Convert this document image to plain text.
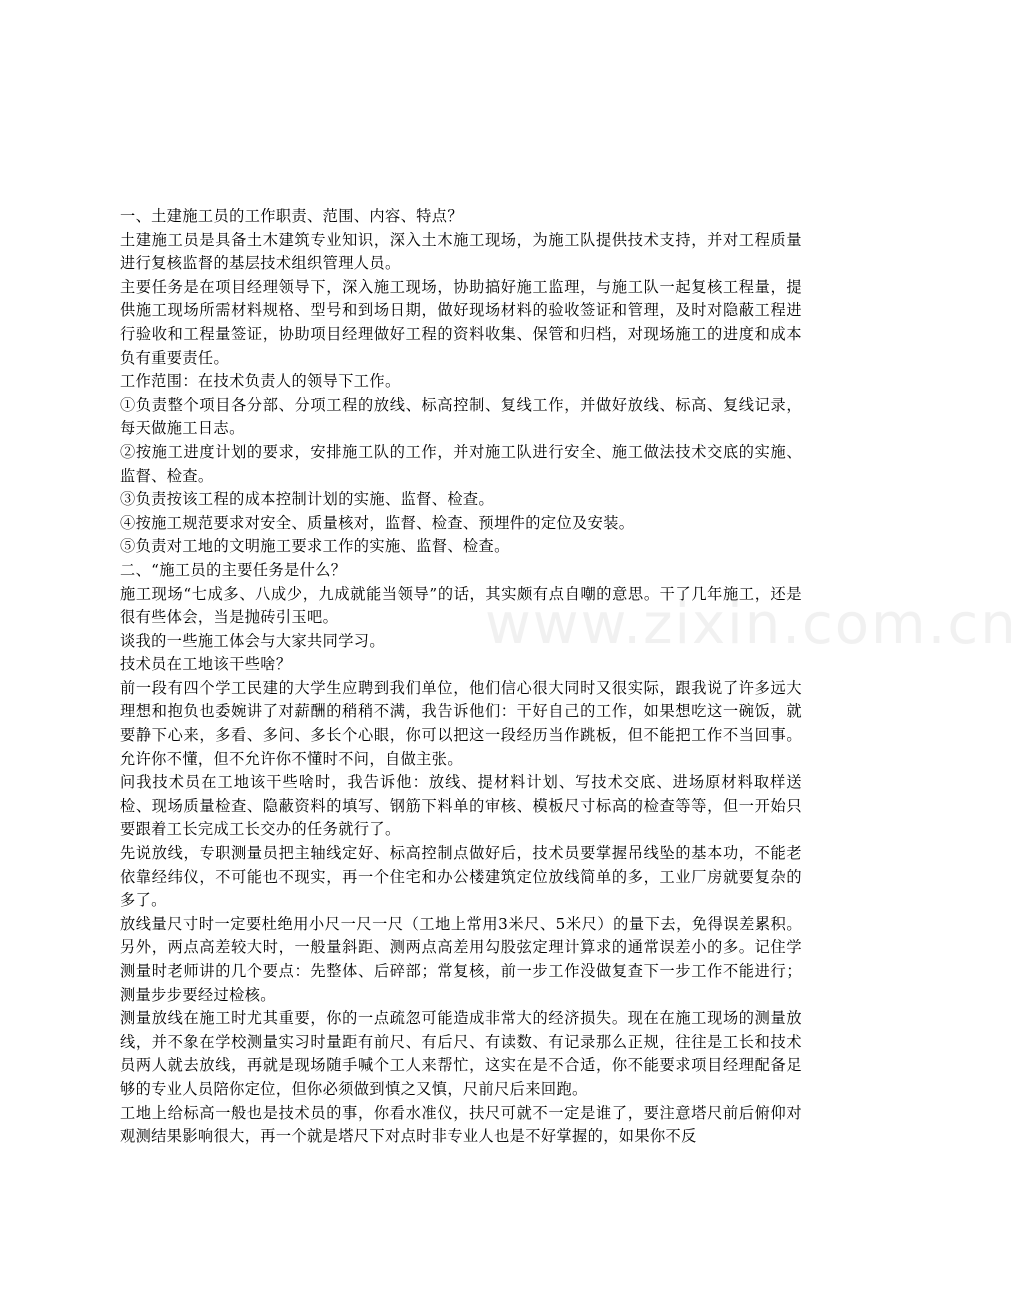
www.zixin.com.cn

一、土建施工员的工作职责、范围、内容、特点？

土建施工员是具备土木建筑专业知识，深入土木施工现场，为施工队提供技术支持，并对工程质量进行复核监督的基层技术组织管理人员。

主要任务是在项目经理领导下，深入施工现场，协助搞好施工监理，与施工队一起复核工程量，提供施工现场所需材料规格、型号和到场日期，做好现场材料的验收签证和管理，及时对隐蔽工程进行验收和工程量签证，协助项目经理做好工程的资料收集、保管和归档，对现场施工的进度和成本负有重要责任。

工作范围：在技术负责人的领导下工作。

①负责整个项目各分部、分项工程的放线、标高控制、复线工作，并做好放线、标高、复线记录，每天做施工日志。

②按施工进度计划的要求，安排施工队的工作，并对施工队进行安全、施工做法技术交底的实施、监督、检查。

③负责按该工程的成本控制计划的实施、监督、检查。

④按施工规范要求对安全、质量核对，监督、检查、预埋件的定位及安装。

⑤负责对工地的文明施工要求工作的实施、监督、检查。

二、“施工员的主要任务是什么？

施工现场“七成多、八成少，九成就能当领导”的话，其实颇有点自嘲的意思。干了几年施工，还是很有些体会，当是抛砖引玉吧。

谈我的一些施工体会与大家共同学习。

技术员在工地该干些啥？

前一段有四个学工民建的大学生应聘到我们单位，他们信心很大同时又很实际，跟我说了许多远大理想和抱负也委婉讲了对薪酬的稍稍不满，我告诉他们：干好自己的工作，如果想吃这一碗饭，就要静下心来，多看、多问、多长个心眼，你可以把这一段经历当作跳板，但不能把工作不当回事。允许你不懂，但不允许你不懂时不问，自做主张。

问我技术员在工地该干些啥时，我告诉他：放线、提材料计划、写技术交底、进场原材料取样送检、现场质量检查、隐蔽资料的填写、钢筋下料单的审核、模板尺寸标高的检查等等，但一开始只要跟着工长完成工长交办的任务就行了。

先说放线，专职测量员把主轴线定好、标高控制点做好后，技术员要掌握吊线坠的基本功，不能老依靠经纬仪，不可能也不现实，再一个住宅和办公楼建筑定位放线简单的多，工业厂房就要复杂的多了。

放线量尺寸时一定要杜绝用小尺一尺一尺（工地上常用3米尺、5米尺）的量下去，免得误差累积。另外，两点高差较大时，一般量斜距、测两点高差用勾股弦定理计算求的通常误差小的多。记住学测量时老师讲的几个要点：先整体、后碎部；常复核，前一步工作没做复查下一步工作不能进行；测量步步要经过检核。

测量放线在施工时尤其重要，你的一点疏忽可能造成非常大的经济损失。现在在施工现场的测量放线，并不象在学校测量实习时量距有前尺、有后尺、有读数、有记录那么正规，往往是工长和技术员两人就去放线，再就是现场随手喊个工人来帮忙，这实在是不合适，你不能要求项目经理配备足够的专业人员陪你定位，但你必须做到慎之又慎，尺前尺后来回跑。

工地上给标高一般也是技术员的事，你看水准仪，扶尺可就不一定是谁了，要注意塔尺前后俯仰对观测结果影响很大，再一个就是塔尺下对点时非专业人也是不好掌握的，如果你不反
